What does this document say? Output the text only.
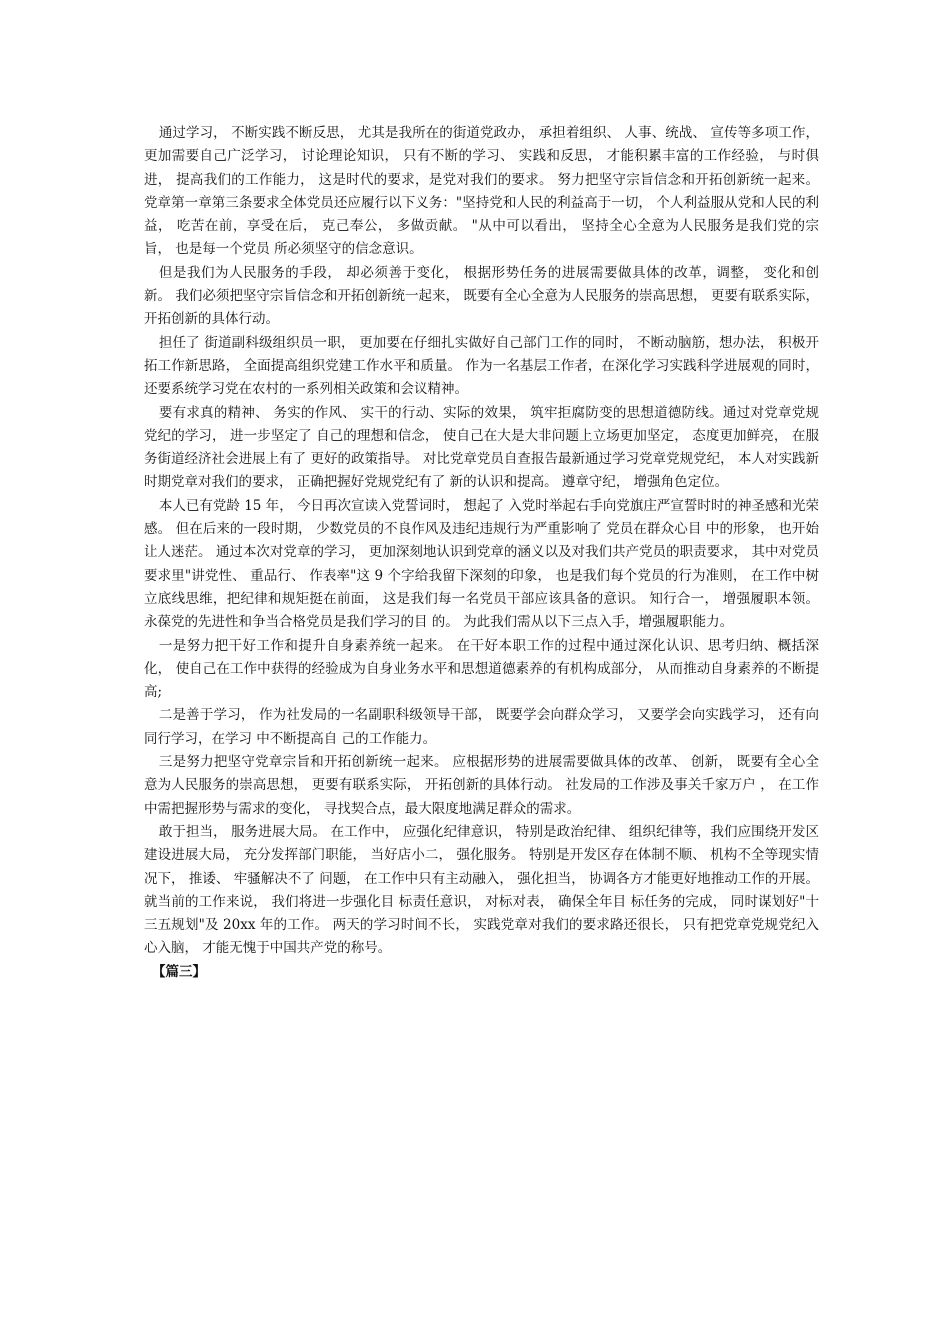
通过学习， 不断实践不断反思， 尤其是我所在的街道党政办， 承担着组织、 人事、统战、 宣传等多项工作， 更加需要自己广泛学习， 讨论理论知识， 只有不断的学习、 实践和反思， 才能积累丰富的工作经验， 与时俱进， 提高我们的工作能力， 这是时代的要求，是党对我们的要求。 努力把坚守宗旨信念和开拓创新统一起来。 党章第一章第三条要求全体党员还应履行以下义务："坚持党和人民的利益高于一切， 个人利益服从党和人民的利益， 吃苦在前，享受在后， 克己奉公， 多做贡献。 "从中可以看出， 坚持全心全意为人民服务是我们党的宗旨， 也是每一个党员 所必须坚守的信念意识。

但是我们为人民服务的手段， 却必须善于变化， 根据形势任务的进展需要做具体的改革，调整， 变化和创新。 我们必须把坚守宗旨信念和开拓创新统一起来， 既要有全心全意为人民服务的崇高思想， 更要有联系实际， 开拓创新的具体行动。

担任了 街道副科级组织员一职， 更加要在仔细扎实做好自己部门工作的同时， 不断动脑筋，想办法， 积极开拓工作新思路， 全面提高组织党建工作水平和质量。 作为一名基层工作者，在深化学习实践科学进展观的同时， 还要系统学习党在农村的一系列相关政策和会议精神。

要有求真的精神、 务实的作风、 实干的行动、实际的效果， 筑牢拒腐防变的思想道德防线。通过对党章党规党纪的学习， 进一步坚定了 自己的理想和信念， 使自己在大是大非问题上立场更加坚定， 态度更加鲜亮， 在服务街道经济社会进展上有了 更好的政策指导。 对比党章党员自查报告最新通过学习党章党规党纪， 本人对实践新时期党章对我们的要求， 正确把握好党规党纪有了 新的认识和提高。 遵章守纪， 增强角色定位。

本人已有党龄 15 年， 今日再次宣读入党誓词时， 想起了 入党时举起右手向党旗庄严宣誓时时的神圣感和光荣感。 但在后来的一段时期， 少数党员的不良作风及违纪违规行为严重影响了 党员在群众心目 中的形象， 也开始让人迷茫。 通过本次对党章的学习， 更加深刻地认识到党章的涵义以及对我们共产党员的职责要求， 其中对党员要求里"讲党性、 重品行、 作表率"这 9 个字给我留下深刻的印象， 也是我们每个党员的行为准则， 在工作中树立底线思维，把纪律和规矩挺在前面， 这是我们每一名党员干部应该具备的意识。 知行合一， 增强履职本领。 永葆党的先进性和争当合格党员是我们学习的目 的。 为此我们需从以下三点入手，增强履职能力。

一是努力把干好工作和提升自身素养统一起来。 在干好本职工作的过程中通过深化认识、思考归纳、概括深化， 使自己在工作中获得的经验成为自身业务水平和思想道德素养的有机构成部分， 从而推动自身素养的不断提高;

二是善于学习， 作为社发局的一名副职科级领导干部， 既要学会向群众学习， 又要学会向实践学习， 还有向同行学习，在学习 中不断提高自 己的工作能力。

三是努力把坚守党章宗旨和开拓创新统一起来。 应根据形势的进展需要做具体的改革、 创新， 既要有全心全意为人民服务的崇高思想， 更要有联系实际， 开拓创新的具体行动。 社发局的工作涉及事关千家万户 ， 在工作中需把握形势与需求的变化， 寻找契合点，最大限度地满足群众的需求。

敢于担当， 服务进展大局。 在工作中， 应强化纪律意识， 特别是政治纪律、 组织纪律等，我们应围绕开发区建设进展大局， 充分发挥部门职能， 当好店小二， 强化服务。 特别是开发区存在体制不顺、 机构不全等现实情况下， 推诿、 牢骚解决不了 问题， 在工作中只有主动融入， 强化担当， 协调各方才能更好地推动工作的开展。就当前的工作来说， 我们将进一步强化目 标责任意识， 对标对表， 确保全年目 标任务的完成， 同时谋划好"十三五规划"及 20xx 年的工作。 两天的学习时间不长， 实践党章对我们的要求路还很长， 只有把党章党规党纪入心入脑， 才能无愧于中国共产党的称号。

【篇三】
